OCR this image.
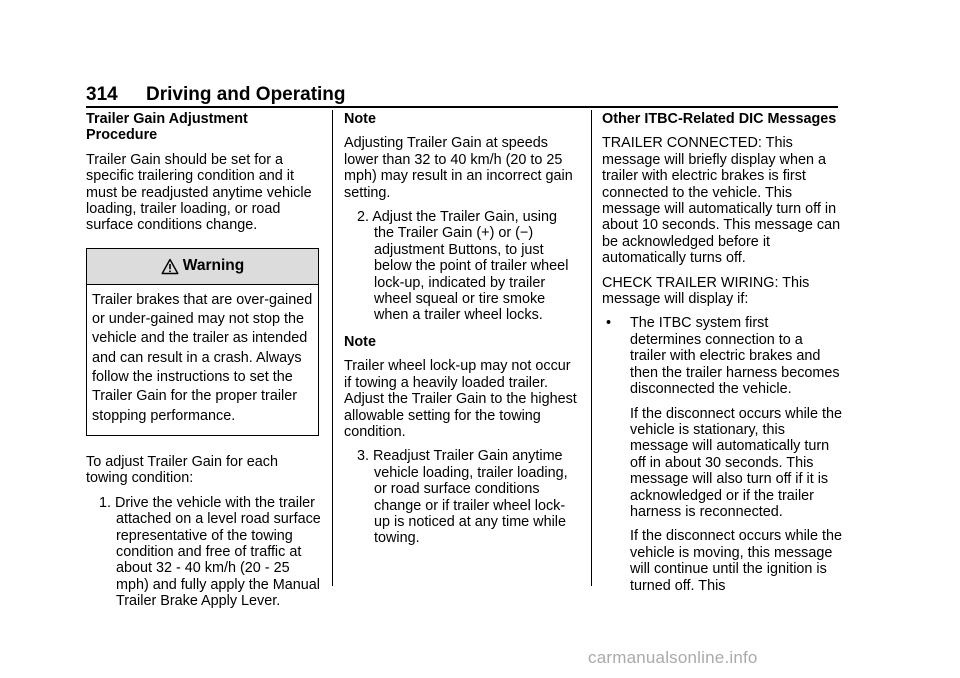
314 Driving and Operating
Trailer Gain Adjustment Procedure

Trailer Gain should be set for a specific trailering condition and it must be readjusted anytime vehicle loading, trailer loading, or road surface conditions change.

Warning
Trailer brakes that are over-gained or under-gained may not stop the vehicle and the trailer as intended and can result in a crash. Always follow the instructions to set the Trailer Gain for the proper trailer stopping performance.

To adjust Trailer Gain for each towing condition:

1. Drive the vehicle with the trailer attached on a level road surface representative of the towing condition and free of traffic at about 32 - 40 km/h (20 - 25 mph) and fully apply the Manual Trailer Brake Apply Lever.

Note

Adjusting Trailer Gain at speeds lower than 32 to 40 km/h (20 to 25 mph) may result in an incorrect gain setting.

2. Adjust the Trailer Gain, using the Trailer Gain (+) or (−) adjustment Buttons, to just below the point of trailer wheel lock-up, indicated by trailer wheel squeal or tire smoke when a trailer wheel locks.

Note

Trailer wheel lock-up may not occur if towing a heavily loaded trailer. Adjust the Trailer Gain to the highest allowable setting for the towing condition.

3. Readjust Trailer Gain anytime vehicle loading, trailer loading, or road surface conditions change or if trailer wheel lock-up is noticed at any time while towing.

Other ITBC-Related DIC Messages

TRAILER CONNECTED: This message will briefly display when a trailer with electric brakes is first connected to the vehicle. This message will automatically turn off in about 10 seconds. This message can be acknowledged before it automatically turns off.

CHECK TRAILER WIRING: This message will display if:

•	The ITBC system first determines connection to a trailer with electric brakes and then the trailer harness becomes disconnected the vehicle.

If the disconnect occurs while the vehicle is stationary, this message will automatically turn off in about 30 seconds. This message will also turn off if it is acknowledged or if the trailer harness is reconnected.

If the disconnect occurs while the vehicle is moving, this message will continue until the ignition is turned off. This

carmanualsonline.info
